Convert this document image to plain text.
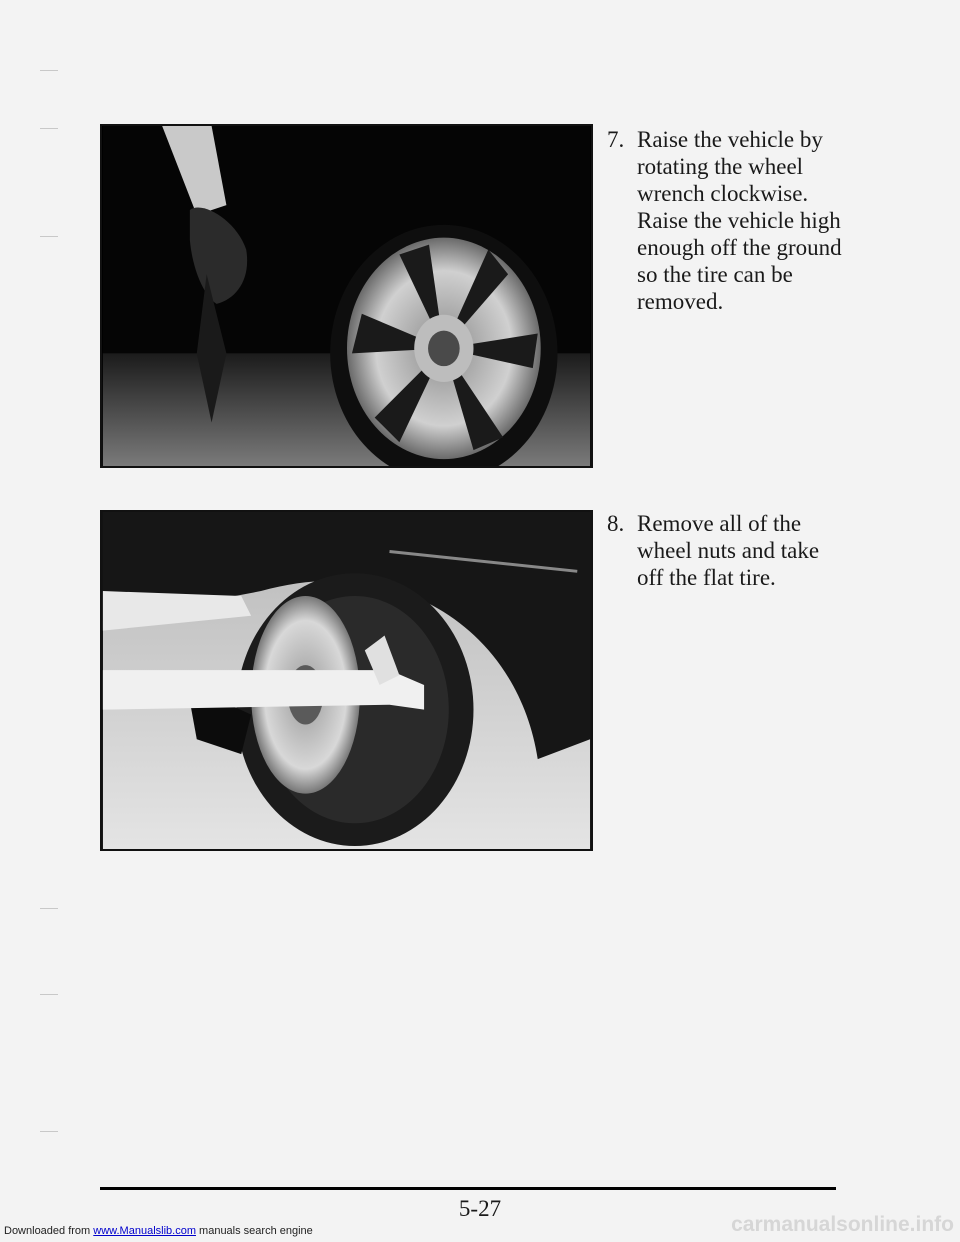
7. Raise the vehicle by rotating the wheel wrench clockwise. Raise the vehicle high enough off the ground so the tire can be removed.
8. Remove all of the wheel nuts and take off the flat tire.
5-27
Downloaded from www.Manualslib.com manuals search engine	carmanualsonline.info
